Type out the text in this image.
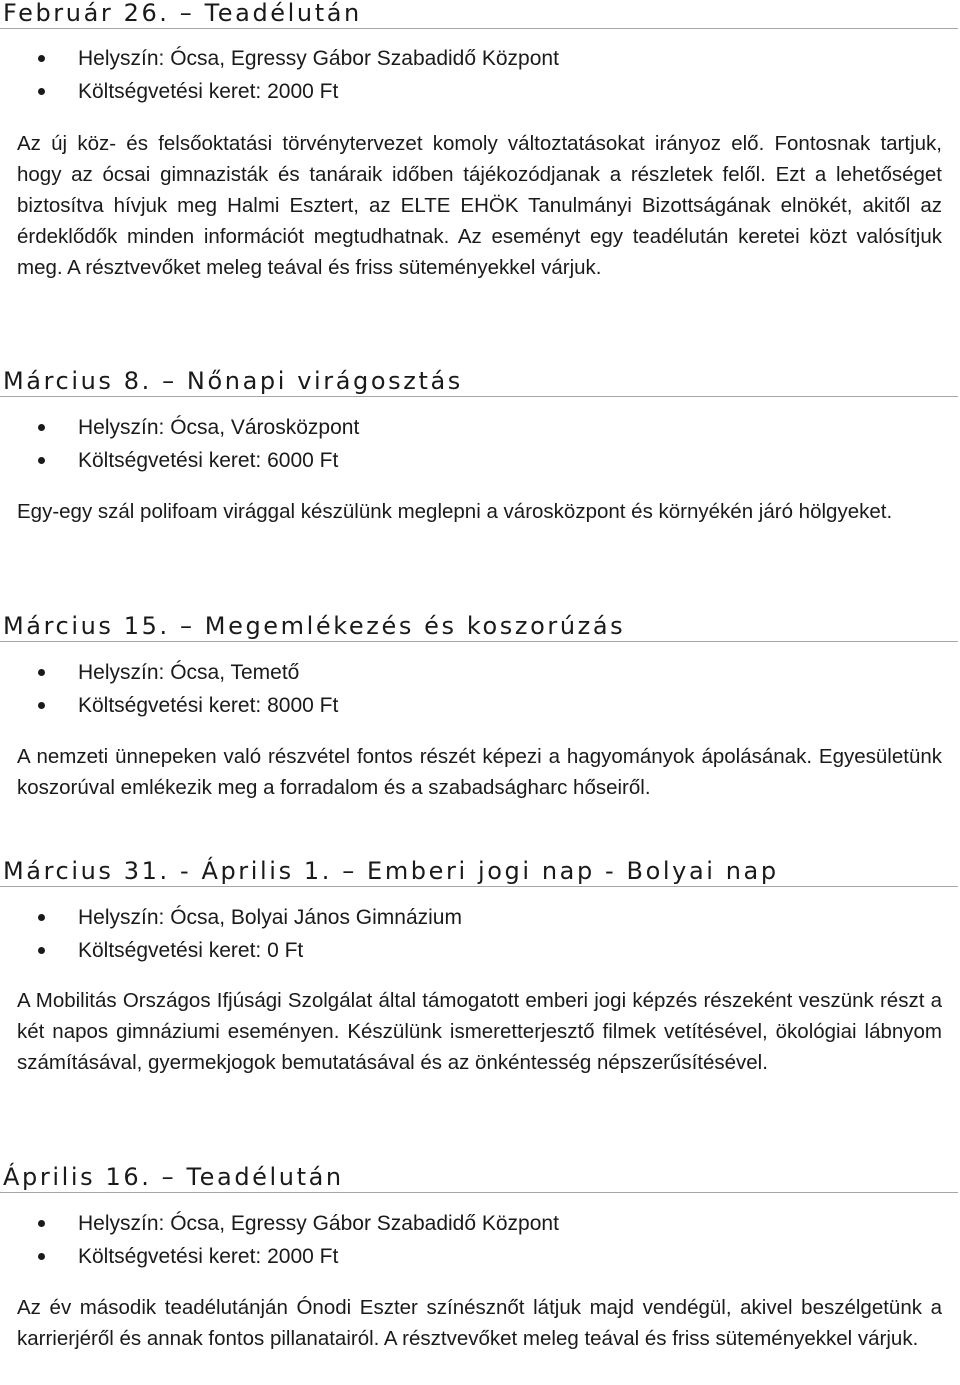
Február 26. – Teadélután
Helyszín: Ócsa, Egressy Gábor Szabadidő Központ
Költségvetési keret: 2000 Ft

Az új köz- és felsőoktatási törvénytervezet komoly változtatásokat irányoz elő. Fontosnak tartjuk, hogy az ócsai gimnazisták és tanáraik időben tájékozódjanak a részletek felől. Ezt a lehetőséget biztosítva hívjuk meg Halmi Esztert, az ELTE EHÖK Tanulmányi Bizottságának elnökét, akitől az érdeklődők minden információt megtudhatnak. Az eseményt egy teadélután keretei közt valósítjuk meg. A résztvevőket meleg teával és friss süteményekkel várjuk.

Március 8. – Nőnapi virágosztás
Helyszín: Ócsa, Városközpont
Költségvetési keret: 6000 Ft

Egy-egy szál polifoam virággal készülünk meglepni a városközpont és környékén járó hölgyeket.

Március 15. – Megemlékezés és koszorúzás
Helyszín: Ócsa, Temető
Költségvetési keret: 8000 Ft

A nemzeti ünnepeken való részvétel fontos részét képezi a hagyományok ápolásának. Egyesületünk koszorúval emlékezik meg a forradalom és a szabadságharc hőseiről.

Március 31. - Április 1. – Emberi jogi nap - Bolyai nap
Helyszín: Ócsa, Bolyai János Gimnázium
Költségvetési keret: 0 Ft

A Mobilitás Országos Ifjúsági Szolgálat által támogatott emberi jogi képzés részeként veszünk részt a két napos gimnáziumi eseményen. Készülünk ismeretterjesztő filmek vetítésével, ökológiai lábnyom számításával, gyermekjogok bemutatásával és az önkéntesség népszerűsítésével.

Április 16. – Teadélután
Helyszín: Ócsa, Egressy Gábor Szabadidő Központ
Költségvetési keret: 2000 Ft

Az év második teadélutánján Ónodi Eszter színésznőt látjuk majd vendégül, akivel beszélgetünk a karrierjéről és annak fontos pillanatairól. A résztvevőket meleg teával és friss süteményekkel várjuk.
